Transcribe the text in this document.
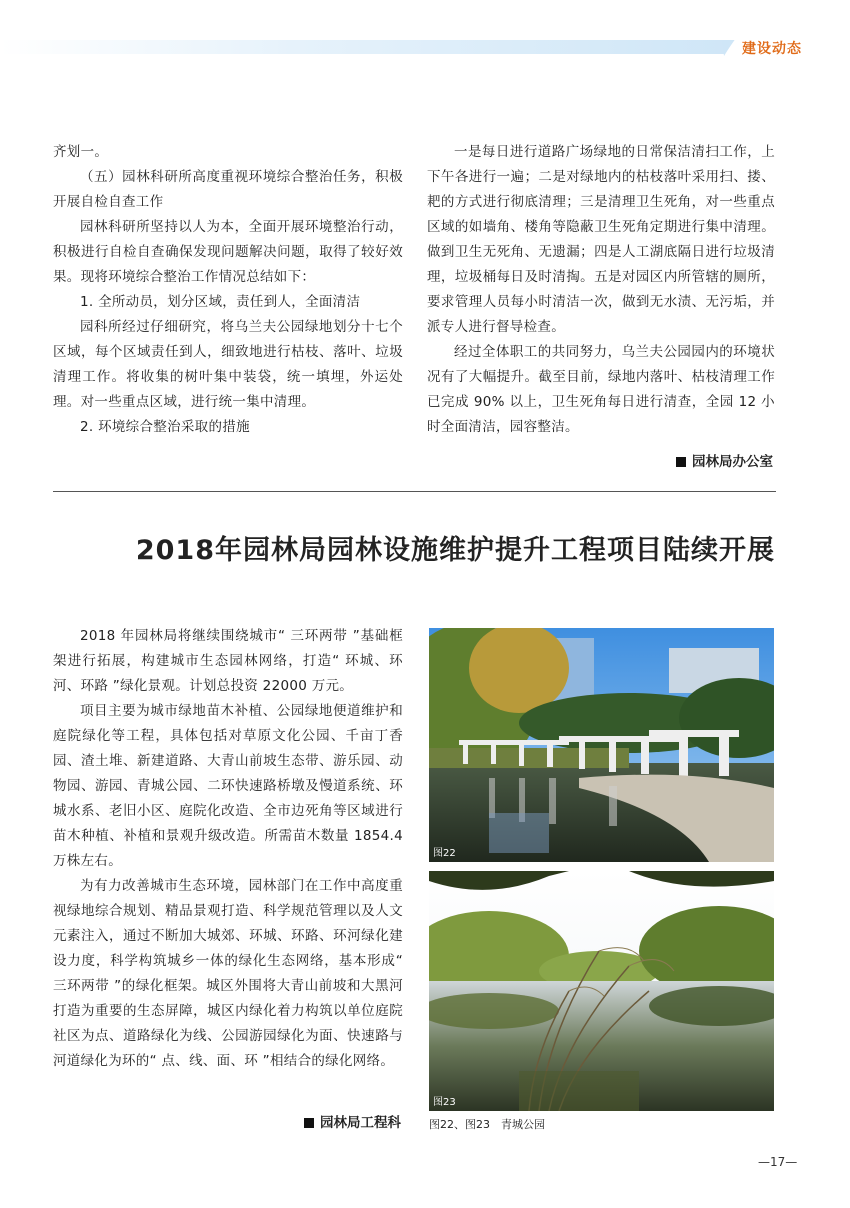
建设动态

齐划一。

（五）园林科研所高度重视环境综合整治任务，积极开展自检自查工作

园林科研所坚持以人为本，全面开展环境整治行动，积极进行自检自查确保发现问题解决问题，取得了较好效果。现将环境综合整治工作情况总结如下：

1. 全所动员，划分区域，责任到人，全面清洁

园科所经过仔细研究，将乌兰夫公园绿地划分十七个区域，每个区域责任到人，细致地进行枯枝、落叶、垃圾清理工作。将收集的树叶集中装袋，统一填埋，外运处理。对一些重点区域，进行统一集中清理。

2. 环境综合整治采取的措施

一是每日进行道路广场绿地的日常保洁清扫工作，上下午各进行一遍；二是对绿地内的枯枝落叶采用扫、搂、耙的方式进行彻底清理；三是清理卫生死角，对一些重点区域的如墙角、楼角等隐蔽卫生死角定期进行集中清理。做到卫生无死角、无遗漏；四是人工湖底隔日进行垃圾清理，垃圾桶每日及时清掏。五是对园区内所管辖的厕所，要求管理人员每小时清洁一次，做到无水渍、无污垢，并派专人进行督导检查。

经过全体职工的共同努力，乌兰夫公园园内的环境状况有了大幅提升。截至目前，绿地内落叶、枯枝清理工作已完成 90% 以上，卫生死角每日进行清查，全园 12 小时全面清洁，园容整洁。

园林局办公室
2018年园林局园林设施维护提升工程项目陆续开展

2018 年园林局将继续围绕城市“ 三环两带 ”基础框架进行拓展，构建城市生态园林网络，打造“ 环城、环河、环路 ”绿化景观。计划总投资 22000 万元。

项目主要为城市绿地苗木补植、公园绿地便道维护和庭院绿化等工程，具体包括对草原文化公园、千亩丁香园、渣土堆、新建道路、大青山前坡生态带、游乐园、动物园、游园、青城公园、二环快速路桥墩及慢道系统、环城水系、老旧小区、庭院化改造、全市边死角等区域进行苗木种植、补植和景观升级改造。所需苗木数量 1854.4 万株左右。

为有力改善城市生态环境，园林部门在工作中高度重视绿地综合规划、精品景观打造、科学规范管理以及人文元素注入，通过不断加大城郊、环城、环路、环河绿化建设力度，科学构筑城乡一体的绿化生态网络，基本形成“ 三环两带 ”的绿化框架。城区外围将大青山前坡和大黑河打造为重要的生态屏障，城区内绿化着力构筑以单位庭院社区为点、道路绿化为线、公园游园绿化为面、快速路与河道绿化为环的“ 点、线、面、环 ”相结合的绿化网络。

园林局工程科
图22
图23
图22、图23　青城公园
—17—
